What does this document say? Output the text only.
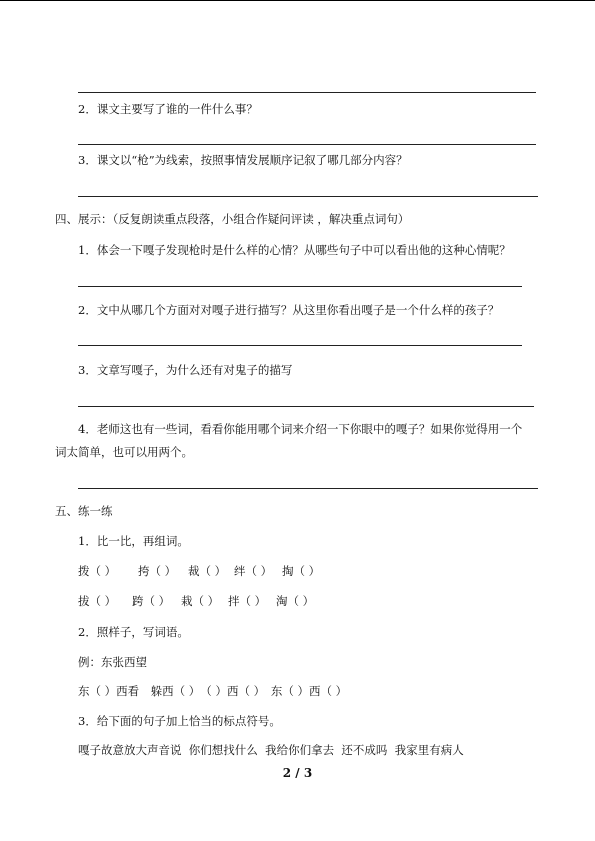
2．课文主要写了谁的一件什么事？
3．课文以“枪”为线索，按照事情发展顺序记叙了哪几部分内容？
四、展示：（反复朗读重点段落，小组合作疑问评读 ，解决重点词句）
1．体会一下嘎子发现枪时是什么样的心情？从哪些句子中可以看出他的这种心情呢？
2．文中从哪几个方面对对嘎子进行描写？从这里你看出嘎子是一个什么样的孩子？
3．文章写嘎子，为什么还有对鬼子的描写
4．老师这也有一些词，看看你能用哪个词来介绍一下你眼中的嘎子？如果你觉得用一个
词太简单，也可以用两个。
五、练一练
1．比一比，再组词。
拨（ ） 挎（ ） 裁（ ） 绊（ ） 掏（ ）
拔（ ） 跨（ ） 栽（ ） 拌（ ） 淘（ ）
2．照样子，写词语。
例：东张西望
东（ ）西看　躲西（ ）　（ ）西（ ）　东（ ）西（ ）
3．给下面的句子加上恰当的标点符号。
嘎子故意放大声音说  你们想找什么  我给你们拿去  还不成吗  我家里有病人
2 / 3
